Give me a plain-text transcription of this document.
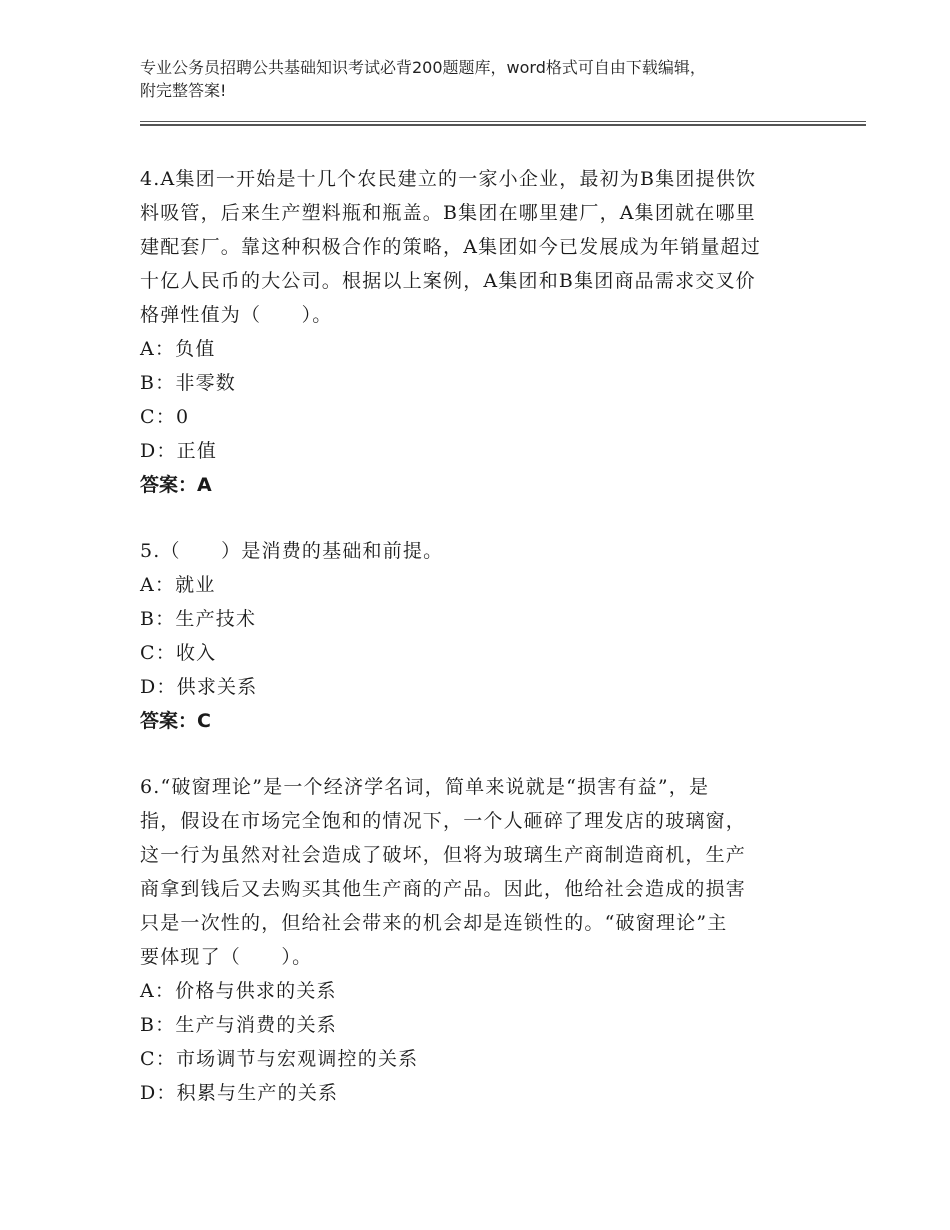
专业公务员招聘公共基础知识考试必背200题题库，word格式可自由下载编辑，
附完整答案!

4.A集团一开始是十几个农民建立的一家小企业，最初为B集团提供饮

料吸管，后来生产塑料瓶和瓶盖。B集团在哪里建厂，A集团就在哪里

建配套厂。靠这种积极合作的策略，A集团如今已发展成为年销量超过

十亿人民币的大公司。根据以上案例，A集团和B集团商品需求交叉价

格弹性值为（　　）。

A：负值

B：非零数

C：0

D：正值

答案：A

5.（　　）是消费的基础和前提。

A：就业

B：生产技术

C：收入

D：供求关系

答案：C

6.“破窗理论”是一个经济学名词，简单来说就是“损害有益”，是

指，假设在市场完全饱和的情况下，一个人砸碎了理发店的玻璃窗，

这一行为虽然对社会造成了破坏，但将为玻璃生产商制造商机，生产

商拿到钱后又去购买其他生产商的产品。因此，他给社会造成的损害

只是一次性的，但给社会带来的机会却是连锁性的。“破窗理论”主

要体现了（　　）。

A：价格与供求的关系

B：生产与消费的关系

C：市场调节与宏观调控的关系

D：积累与生产的关系
